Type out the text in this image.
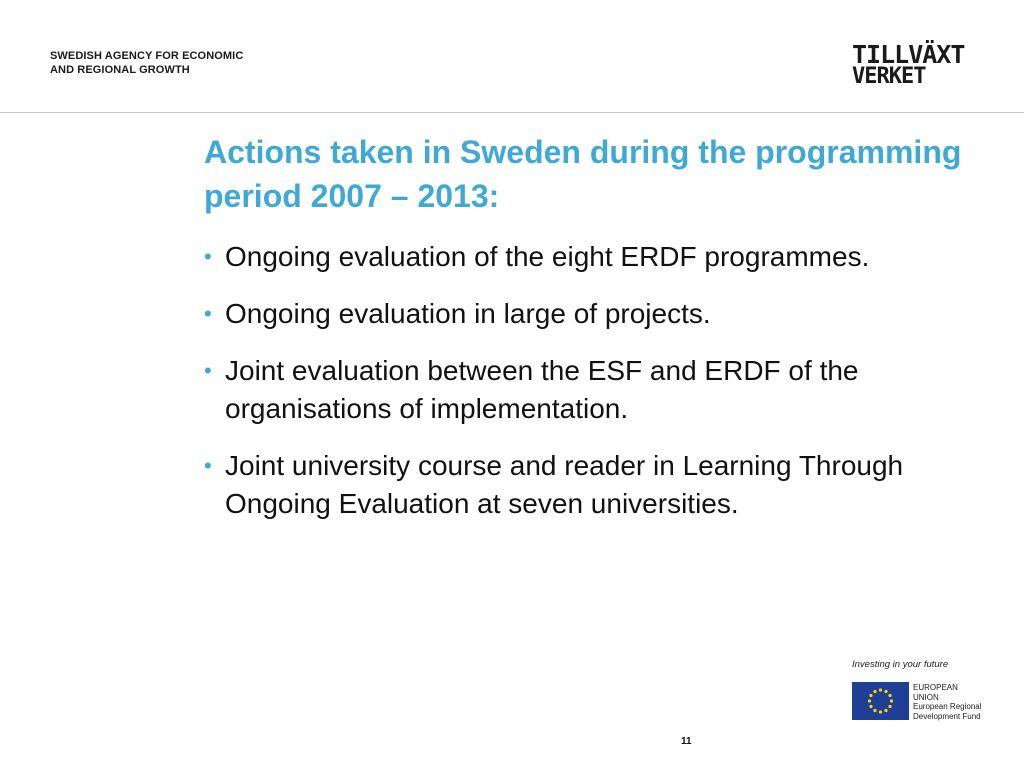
SWEDISH AGENCY FOR ECONOMIC
AND REGIONAL GROWTH
TILLVÄXT
VERKET
Actions taken in Sweden during the programming period 2007 – 2013:
• Ongoing evaluation of the eight ERDF programmes.
• Ongoing evaluation in large of projects.
• Joint evaluation between the ESF and ERDF of the organisations of implementation.
• Joint university course and reader in Learning Through Ongoing Evaluation at seven universities.
Investing in your future
EUROPEAN
UNION
European Regional
Development Fund
11
